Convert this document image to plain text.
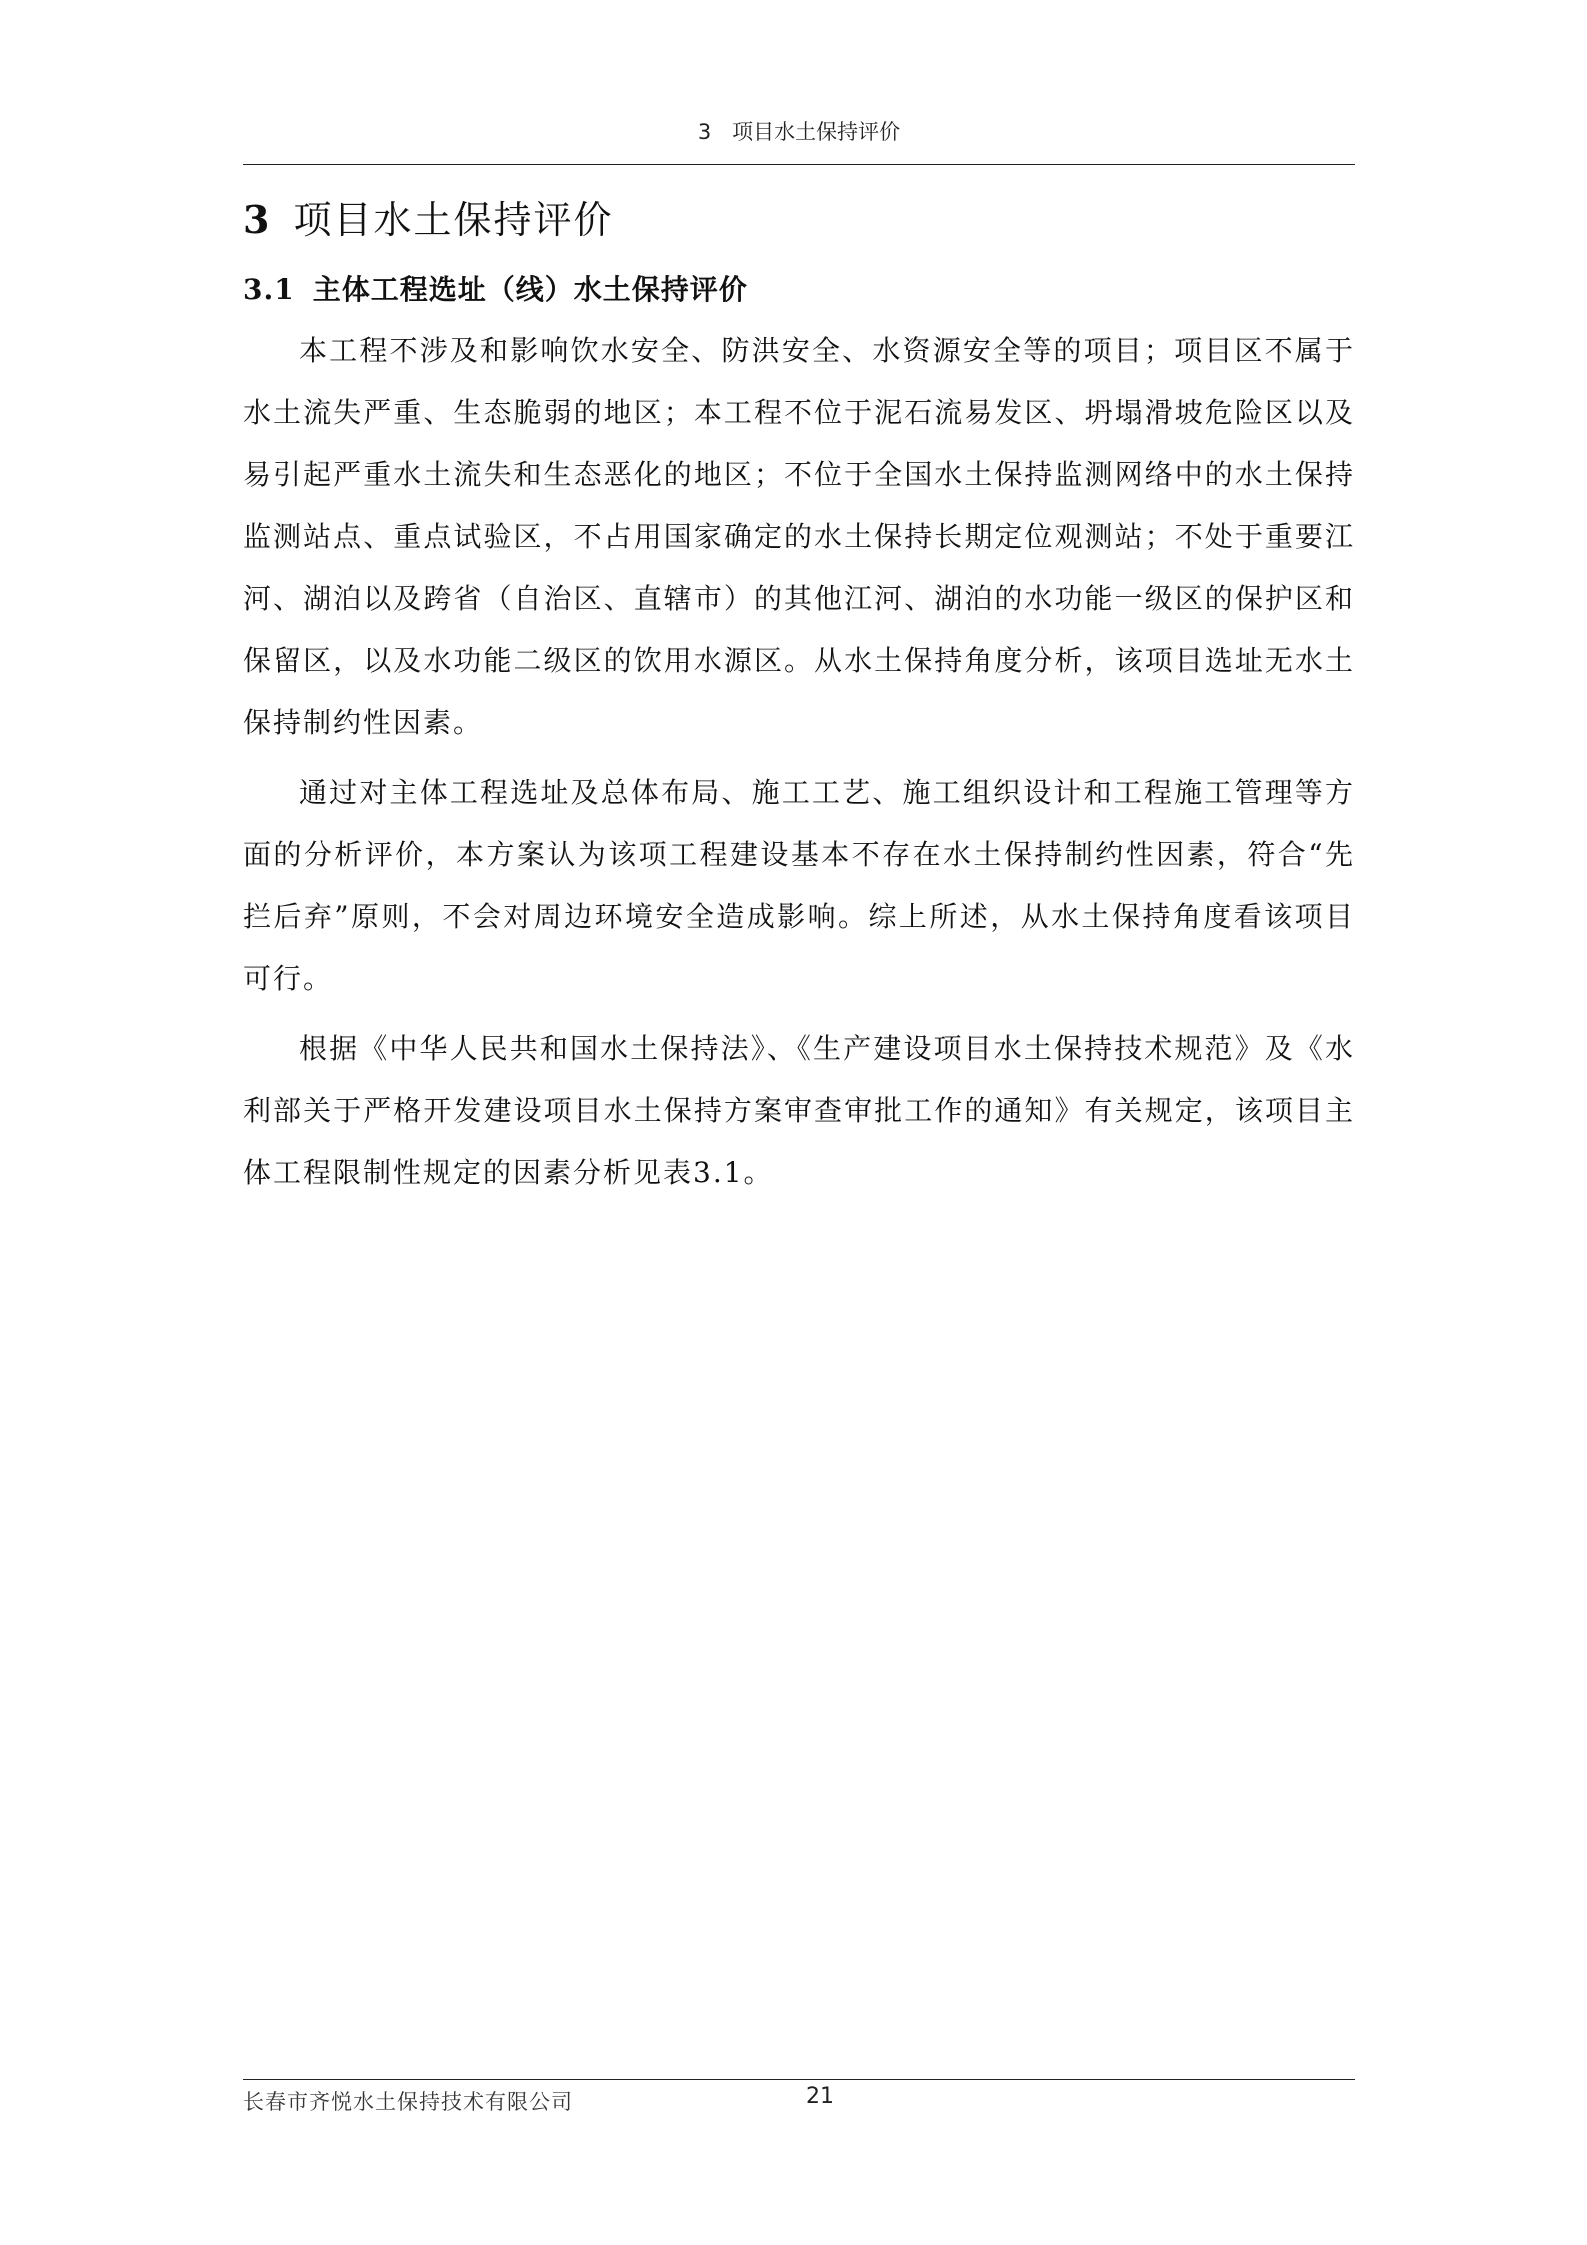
3　项目水土保持评价
3 项目水土保持评价
3.1 主体工程选址（线）水土保持评价

本工程不涉及和影响饮水安全、防洪安全、水资源安全等的项目；项目区不属于水土流失严重、生态脆弱的地区；本工程不位于泥石流易发区、坍塌滑坡危险区以及易引起严重水土流失和生态恶化的地区；不位于全国水土保持监测网络中的水土保持监测站点、重点试验区，不占用国家确定的水土保持长期定位观测站；不处于重要江河、湖泊以及跨省（自治区、直辖市）的其他江河、湖泊的水功能一级区的保护区和保留区，以及水功能二级区的饮用水源区。从水土保持角度分析，该项目选址无水土保持制约性因素。

通过对主体工程选址及总体布局、施工工艺、施工组织设计和工程施工管理等方面的分析评价，本方案认为该项工程建设基本不存在水土保持制约性因素，符合“先拦后弃”原则，不会对周边环境安全造成影响。综上所述，从水土保持角度看该项目可行。

根据《中华人民共和国水土保持法》、《生产建设项目水土保持技术规范》及《水利部关于严格开发建设项目水土保持方案审查审批工作的通知》有关规定，该项目主体工程限制性规定的因素分析见表3.1。

长春市齐悦水土保持技术有限公司	21
